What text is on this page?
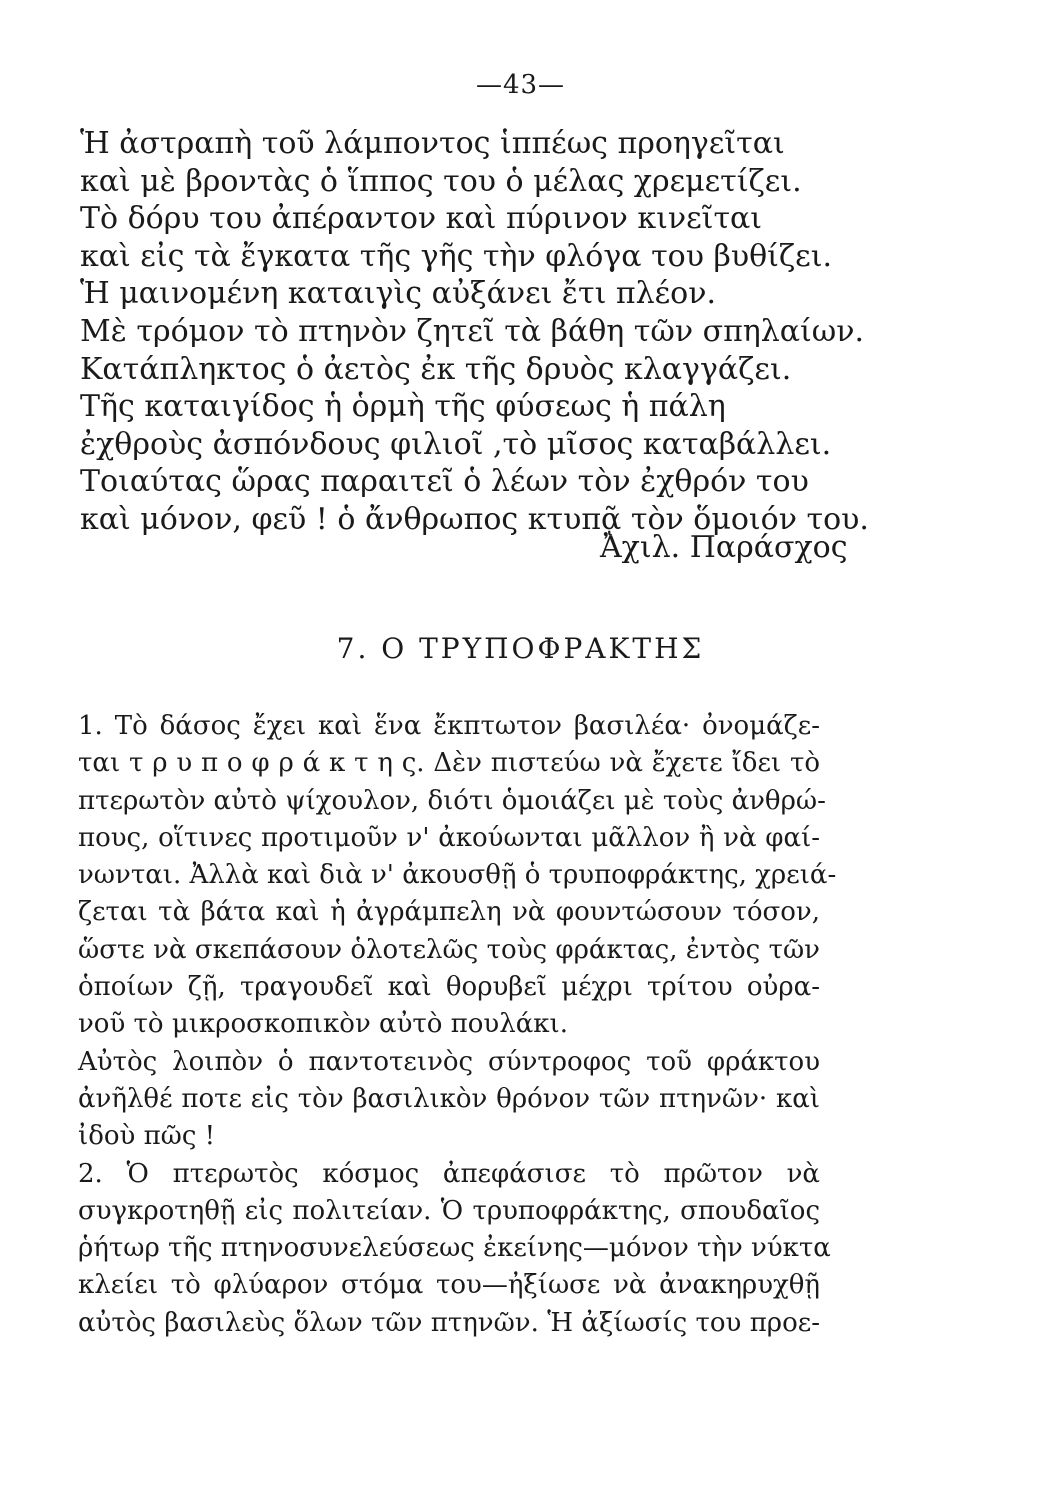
—43—
Ἡ ἀστραπὴ τοῦ λάμποντος ἱππέως προηγεῖται
καὶ μὲ βροντὰς ὁ ἵππος του ὁ μέλας χρεμετίζει.
Τὸ δόρυ του ἀπέραντον καὶ πύρινον κινεῖται
καὶ εἰς τὰ ἔγκατα τῆς γῆς τὴν φλόγα του βυθίζει.
Ἡ μαινομένη καταιγὶς αὐξάνει ἔτι πλέον.
Μὲ τρόμον τὸ πτηνὸν ζητεῖ τὰ βάθη τῶν σπηλαίων.
Κατάπληκτος ὁ ἀετὸς ἐκ τῆς δρυὸς κλαγγάζει.
Τῆς καταιγίδος ἡ ὁρμὴ τῆς φύσεως ἡ πάλη
ἐχθροὺς ἀσπόνδους φιλιοῖ ,τὸ μῖσος καταβάλλει.
Τοιαύτας ὥρας παραιτεῖ ὁ λέων τὸν ἐχθρόν του
καὶ μόνον, φεῦ ! ὁ ἄνθρωπος κτυπᾷ τὸν ὅμοιόν του.
Ἀχιλ. Παράσχος
7. Ο ΤΡΥΠΟΦΡΑΚΤΗΣ
1. Τὸ δάσος ἔχει καὶ ἕνα ἔκπτωτον βασιλέα· ὀνομάζε-
ται τ ρ υ π ο φ ρ ά κ τ η ς. Δὲν πιστεύω νὰ ἔχετε ἴδει τὸ
πτερωτὸν αὐτὸ ψίχουλον, διότι ὁμοιάζει μὲ τοὺς ἀνθρώ-
πους, οἵτινες προτιμοῦν ν' ἀκούωνται μᾶλλον ἢ νὰ φαί-
νωνται. Ἀλλὰ καὶ διὰ ν' ἀκουσθῇ ὁ τρυποφράκτης, χρειά-
ζεται τὰ βάτα καὶ ἡ ἀγράμπελη νὰ φουντώσουν τόσον,
ὥστε νὰ σκεπάσουν ὁλοτελῶς τοὺς φράκτας, ἐντὸς τῶν
ὁποίων ζῇ, τραγουδεῖ καὶ θορυβεῖ μέχρι τρίτου οὐρα-
νοῦ τὸ μικροσκοπικὸν αὐτὸ πουλάκι.
Αὐτὸς λοιπὸν ὁ παντοτεινὸς σύντροφος τοῦ φράκτου
ἀνῆλθέ ποτε εἰς τὸν βασιλικὸν θρόνον τῶν πτηνῶν· καὶ
ἰδοὺ πῶς !
2. Ὁ πτερωτὸς κόσμος ἀπεφάσισε τὸ πρῶτον νὰ
συγκροτηθῇ εἰς πολιτείαν. Ὁ τρυποφράκτης, σπουδαῖος
ῥήτωρ τῆς πτηνοσυνελεύσεως ἐκείνης—μόνον τὴν νύκτα
κλείει τὸ φλύαρον στόμα του—ἠξίωσε νὰ ἀνακηρυχθῇ
αὐτὸς βασιλεὺς ὅλων τῶν πτηνῶν. Ἡ ἀξίωσίς του προε-
